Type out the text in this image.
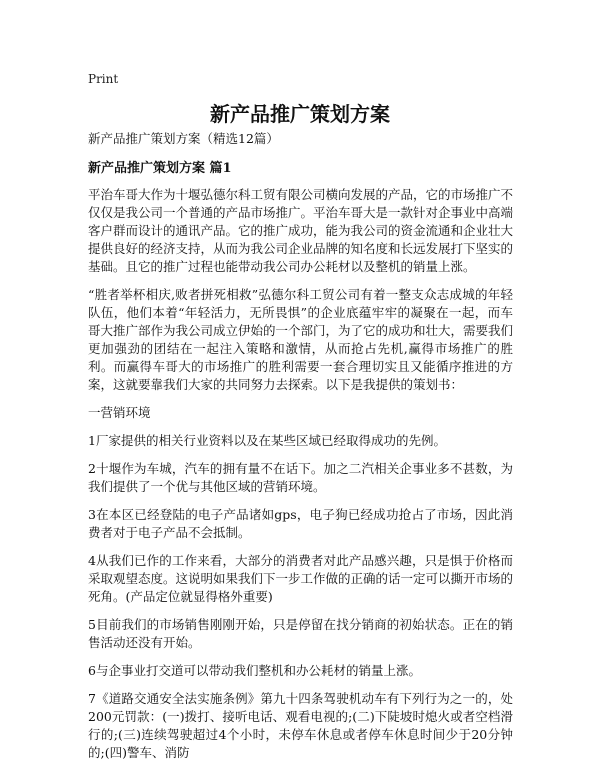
Print
新产品推广策划方案

新产品推广策划方案（精选12篇）

新产品推广策划方案 篇1

平治车哥大作为十堰弘德尔科工贸有限公司横向发展的产品，它的市场推广不仅仅是我公司一个普通的产品市场推广。平治车哥大是一款针对企事业中高端客户群而设计的通讯产品。它的推广成功，能为我公司的资金流通和企业壮大提供良好的经济支持，从而为我公司企业品牌的知名度和长远发展打下坚实的基础。且它的推广过程也能带动我公司办公耗材以及整机的销量上涨。

“胜者举杯相庆,败者拼死相救”弘德尔科工贸公司有着一整支众志成城的年轻队伍，他们本着“年轻活力，无所畏惧”的企业底蕴牢牢的凝聚在一起，而车哥大推广部作为我公司成立伊始的一个部门，为了它的成功和壮大，需要我们更加强劲的团结在一起注入策略和激情，从而抢占先机,赢得市场推广的胜利。而赢得车哥大的市场推广的胜利需要一套合理切实且又能循序推进的方案，这就要靠我们大家的共同努力去探索。以下是我提供的策划书：

一营销环境

1厂家提供的相关行业资料以及在某些区域已经取得成功的先例。

2十堰作为车城，汽车的拥有量不在话下。加之二汽相关企事业多不甚数，为我们提供了一个优与其他区域的营销环境。

3在本区已经登陆的电子产品诸如gps，电子狗已经成功抢占了市场，因此消费者对于电子产品不会抵制。

4从我们已作的工作来看，大部分的消费者对此产品感兴趣，只是惧于价格而采取观望态度。这说明如果我们下一步工作做的正确的话一定可以撕开市场的死角。(产品定位就显得格外重要)

5目前我们的市场销售刚刚开始，只是停留在找分销商的初始状态。正在的销售活动还没有开始。

6与企事业打交道可以带动我们整机和办公耗材的销量上涨。

7《道路交通安全法实施条例》第九十四条驾驶机动车有下列行为之一的，处200元罚款：(一)拨打、接听电话、观看电视的;(二)下陡坡时熄火或者空档滑行的;(三)连续驾驶超过4个小时，未停车休息或者停车休息时间少于20分钟的;(四)警车、消防
